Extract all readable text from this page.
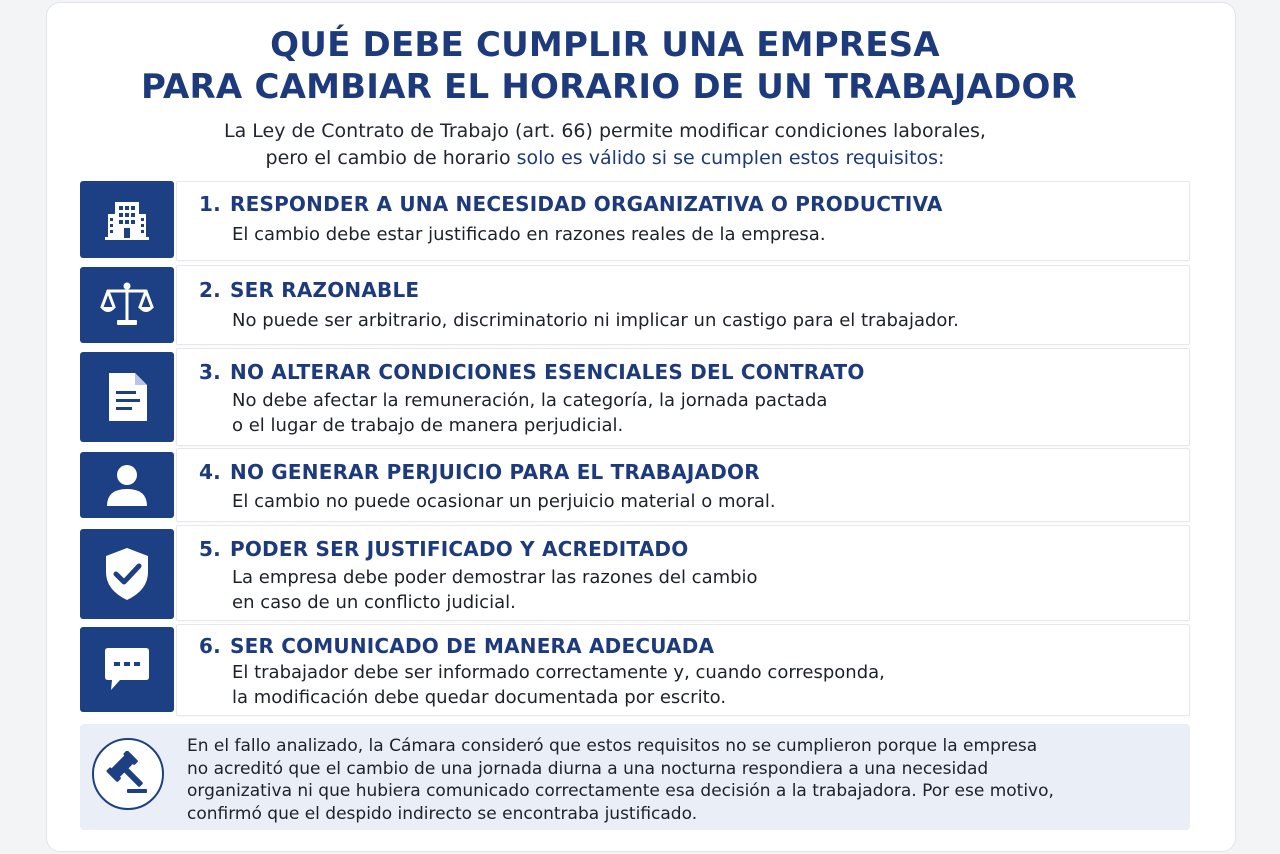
QUÉ DEBE CUMPLIR UNA EMPRESA
PARA CAMBIAR EL HORARIO DE UN TRABAJADOR
La Ley de Contrato de Trabajo (art. 66) permite modificar condiciones laborales,
pero el cambio de horario solo es válido si se cumplen estos requisitos:
1. RESPONDER A UNA NECESIDAD ORGANIZATIVA O PRODUCTIVA
El cambio debe estar justificado en razones reales de la empresa.
2. SER RAZONABLE
No puede ser arbitrario, discriminatorio ni implicar un castigo para el trabajador.
3. NO ALTERAR CONDICIONES ESENCIALES DEL CONTRATO
No debe afectar la remuneración, la categoría, la jornada pactada
o el lugar de trabajo de manera perjudicial.
4. NO GENERAR PERJUICIO PARA EL TRABAJADOR
El cambio no puede ocasionar un perjuicio material o moral.
5. PODER SER JUSTIFICADO Y ACREDITADO
La empresa debe poder demostrar las razones del cambio
en caso de un conflicto judicial.
6. SER COMUNICADO DE MANERA ADECUADA
El trabajador debe ser informado correctamente y, cuando corresponda,
la modificación debe quedar documentada por escrito.
En el fallo analizado, la Cámara consideró que estos requisitos no se cumplieron porque la empresa
no acreditó que el cambio de una jornada diurna a una nocturna respondiera a una necesidad
organizativa ni que hubiera comunicado correctamente esa decisión a la trabajadora. Por ese motivo,
confirmó que el despido indirecto se encontraba justificado.
